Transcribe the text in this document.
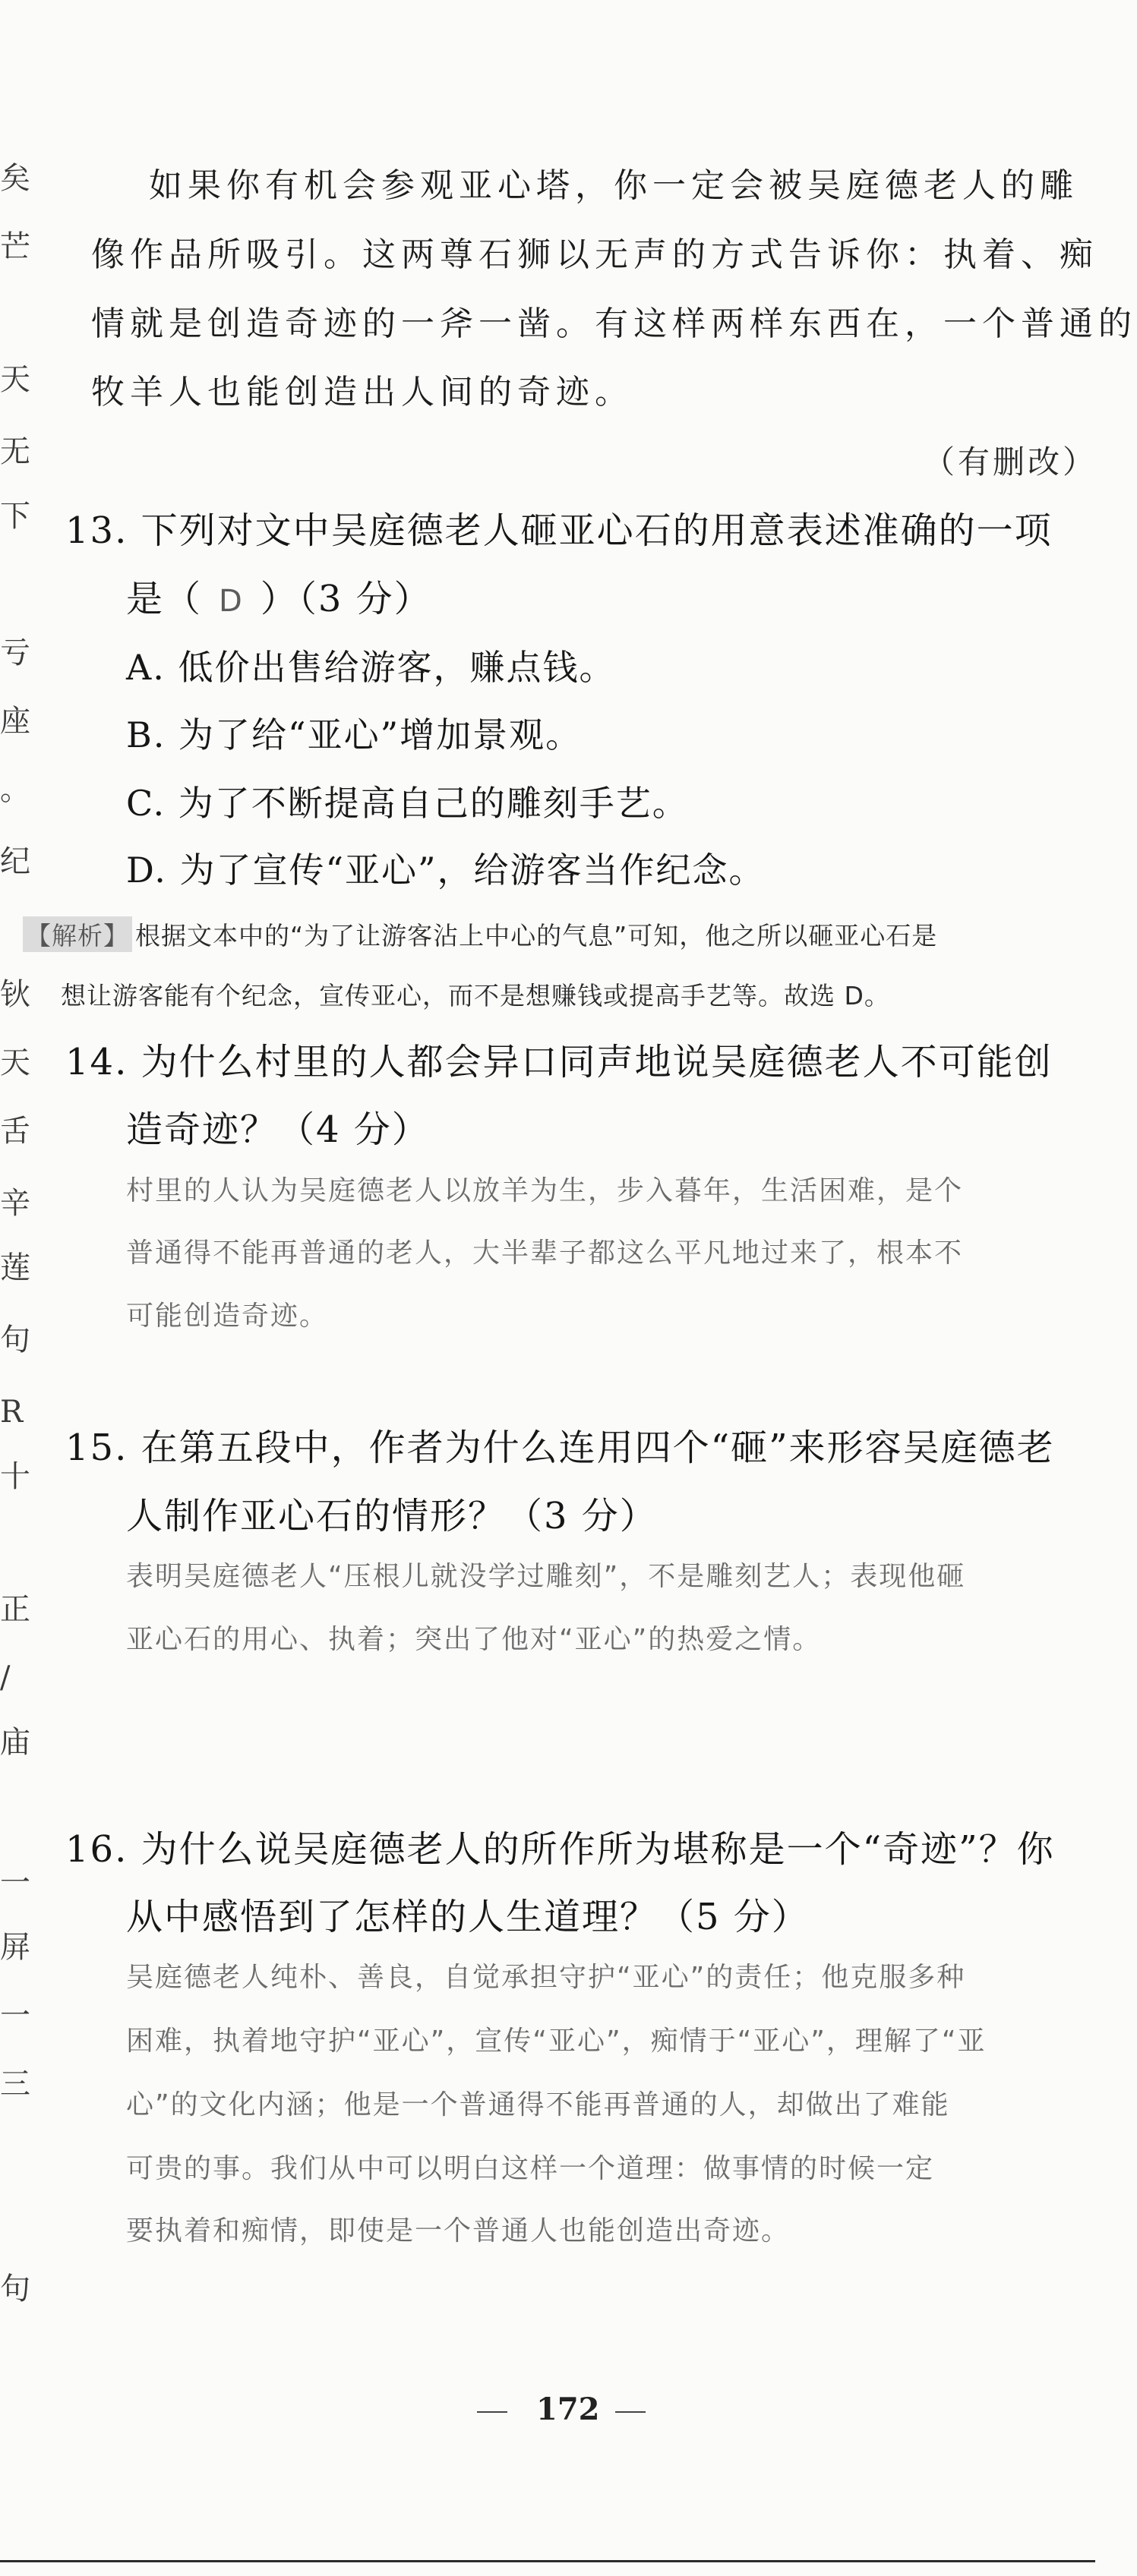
矣
芒
天
无
下
亏
座
。
纪
钬
天
舌
辛
莲
句
R
十
正
/
庙
一
屏
一
三
句
如果你有机会参观亚心塔，你一定会被吴庭德老人的雕
像作品所吸引。这两尊石狮以无声的方式告诉你：执着、痴
情就是创造奇迹的一斧一凿。有这样两样东西在，一个普通的
牧羊人也能创造出人间的奇迹。
（有删改）
13. 下列对文中吴庭德老人砸亚心石的用意表述准确的一项
是（ D ）（3 分）
A. 低价出售给游客，赚点钱。
B. 为了给“亚心”增加景观。
C. 为了不断提高自己的雕刻手艺。
D. 为了宣传“亚心”，给游客当作纪念。
【解析】 根据文本中的“为了让游客沾上中心的气息”可知，他之所以砸亚心石是
想让游客能有个纪念，宣传亚心，而不是想赚钱或提高手艺等。故选 D。
14. 为什么村里的人都会异口同声地说吴庭德老人不可能创
造奇迹？（4 分）
村里的人认为吴庭德老人以放羊为生，步入暮年，生活困难，是个
普通得不能再普通的老人，大半辈子都这么平凡地过来了，根本不
可能创造奇迹。
15. 在第五段中，作者为什么连用四个“砸”来形容吴庭德老
人制作亚心石的情形？（3 分）
表明吴庭德老人“压根儿就没学过雕刻”，不是雕刻艺人；表现他砸
亚心石的用心、执着；突出了他对“亚心”的热爱之情。
16. 为什么说吴庭德老人的所作所为堪称是一个“奇迹”？你
从中感悟到了怎样的人生道理？（5 分）
吴庭德老人纯朴、善良，自觉承担守护“亚心”的责任；他克服多种
困难，执着地守护“亚心”，宣传“亚心”，痴情于“亚心”，理解了“亚
心”的文化内涵；他是一个普通得不能再普通的人，却做出了难能
可贵的事。我们从中可以明白这样一个道理：做事情的时候一定
要执着和痴情，即使是一个普通人也能创造出奇迹。
172
